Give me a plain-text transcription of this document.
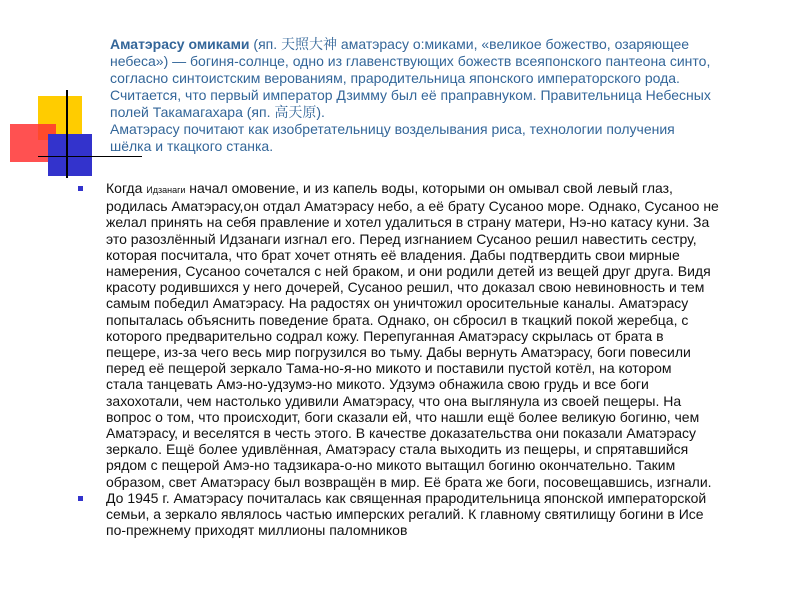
Аматэрасу омиками (яп. 天照大神 аматэрасу о:миками, «великое божество, озаряющее

небеса») — богиня-солнце, одно из главенствующих божеств всеяпонского пантеона синто,

согласно синтоистским верованиям, прародительница японского императорского рода.

Считается, что первый император Дзимму был её праправнуком. Правительница Небесных

полей Такамагахара (яп. 高天原).

Аматэрасу почитают как изобретательницу возделывания риса, технологии получения

шёлка и ткацкого станка.

Когда Идзанаги начал омовение, и из капель воды, которыми он омывал свой левый глаз,
родилась Аматэрасу,он отдал Аматэрасу небо, а её брату Сусаноо море. Однако, Сусаноо не
желал принять на себя правление и хотел удалиться в страну матери, Нэ-но катасу куни. За
это разозлённый Идзанаги изгнал его. Перед изгнанием Сусаноо решил навестить сестру,
которая посчитала, что брат хочет отнять её владения. Дабы подтвердить свои мирные
намерения, Сусаноо сочетался с ней браком, и они родили детей из вещей друг друга. Видя
красоту родившихся у него дочерей, Сусаноо решил, что доказал свою невиновность и тем
самым победил Аматэрасу. На радостях он уничтожил оросительные каналы. Аматэрасу
попыталась объяснить поведение брата. Однако, он сбросил в ткацкий покой жеребца, с
которого предварительно содрал кожу. Перепуганная Аматэрасу скрылась от брата в
пещере, из-за чего весь мир погрузился во тьму. Дабы вернуть Аматэрасу, боги повесили
перед её пещерой зеркало Тама-но-я-но микото и поставили пустой котёл, на котором
стала танцевать Амэ-но-удзумэ-но микото. Удзумэ обнажила свою грудь и все боги
захохотали, чем настолько удивили Аматэрасу, что она выглянула из своей пещеры. На
вопрос о том, что происходит, боги сказали ей, что нашли ещё более великую богиню, чем
Аматэрасу, и веселятся в честь этого. В качестве доказательства они показали Аматэрасу
зеркало. Ещё более удивлённая, Аматэрасу стала выходить из пещеры, и спрятавшийся
рядом с пещерой Амэ-но тадзикара-о-но микото вытащил богиню окончательно. Таким
образом, свет Аматэрасу был возвращён в мир. Её брата же боги, посовещавшись, изгнали.
До 1945 г. Аматэрасу почиталась как священная прародительница японской императорской
семьи, а зеркало являлось частью имперских регалий. К главному святилищу богини в Исе
по-прежнему приходят миллионы паломников
